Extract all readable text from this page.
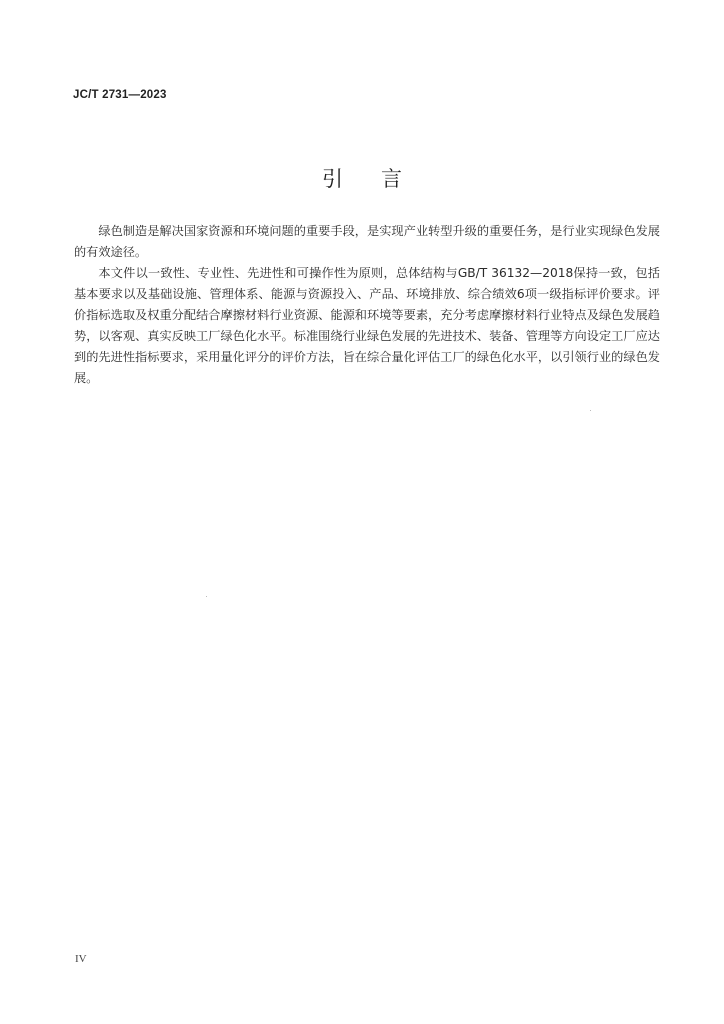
JC/T 2731—2023
引言

绿色制造是解决国家资源和环境问题的重要手段，是实现产业转型升级的重要任务，是行业实现绿色发展的有效途径。

本文件以一致性、专业性、先进性和可操作性为原则，总体结构与GB/T 36132—2018保持一致，包括基本要求以及基础设施、管理体系、能源与资源投入、产品、环境排放、综合绩效6项一级指标评价要求。评价指标选取及权重分配结合摩擦材料行业资源、能源和环境等要素，充分考虑摩擦材料行业特点及绿色发展趋势，以客观、真实反映工厂绿色化水平。标准围绕行业绿色发展的先进技术、装备、管理等方向设定工厂应达到的先进性指标要求，采用量化评分的评价方法，旨在综合量化评估工厂的绿色化水平，以引领行业的绿色发展。

IV
